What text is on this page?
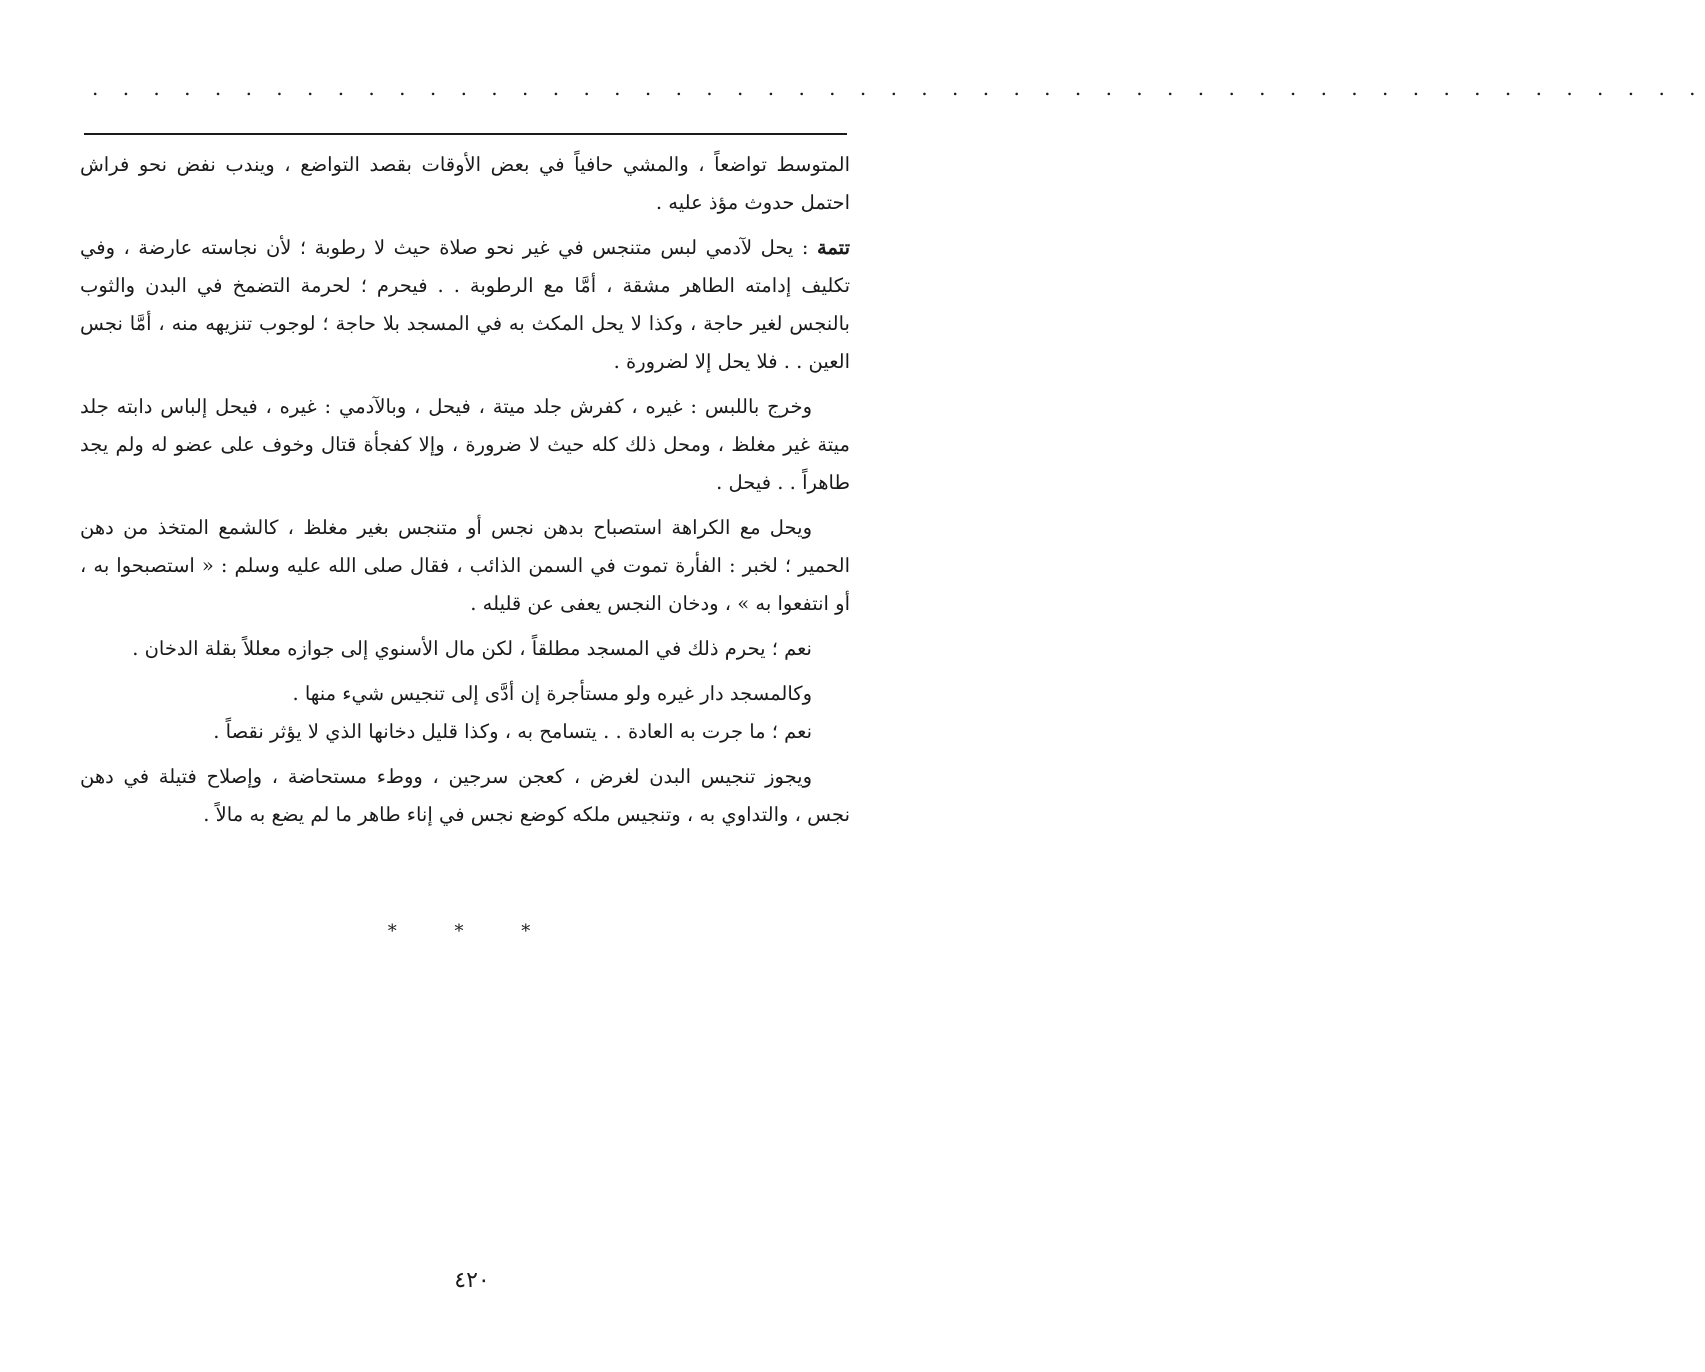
. . . . . . . . . . . . . . . . . . . . . . . . . . . . . . . . . . . . . . . . . . . . . . . . . . . . .

المتوسط تواضعاً ، والمشي حافياً في بعض الأوقات بقصد التواضع ، ويندب نفض نحو فراش احتمل حدوث مؤذ عليه .

تتمة : يحل لآدمي لبس متنجس في غير نحو صلاة حيث لا رطوبة ؛ لأن نجاسته عارضة ، وفي تكليف إدامته الطاهر مشقة ، أمَّا مع الرطوبة . . فيحرم ؛ لحرمة التضمخ في البدن والثوب بالنجس لغير حاجة ، وكذا لا يحل المكث به في المسجد بلا حاجة ؛ لوجوب تنزيهه منه ، أمَّا نجس العين . . فلا يحل إلا لضرورة .

وخرج باللبس : غيره ، كفرش جلد ميتة ، فيحل ، وبالآدمي : غيره ، فيحل إلباس دابته جلد ميتة غير مغلظ ، ومحل ذلك كله حيث لا ضرورة ، وإلا كفجأة قتال وخوف على عضو له ولم يجد طاهراً . . فيحل .

ويحل مع الكراهة استصباح بدهن نجس أو متنجس بغير مغلظ ، كالشمع المتخذ من دهن الحمير ؛ لخبر : الفأرة تموت في السمن الذائب ، فقال صلى الله عليه وسلم : « استصبحوا به ، أو انتفعوا به » ، ودخان النجس يعفى عن قليله .

نعم ؛ يحرم ذلك في المسجد مطلقاً ، لكن مال الأسنوي إلى جوازه معللاً بقلة الدخان .

وكالمسجد دار غيره ولو مستأجرة إن أدَّى إلى تنجيس شيء منها .

نعم ؛ ما جرت به العادة . . يتسامح به ، وكذا قليل دخانها الذي لا يؤثر نقصاً .

ويجوز تنجيس البدن لغرض ، كعجن سرجين ، ووطء مستحاضة ، وإصلاح فتيلة في دهن نجس ، والتداوي به ، وتنجيس ملكه كوضع نجس في إناء طاهر ما لم يضع به مالاً .

* * *
٤٢٠
